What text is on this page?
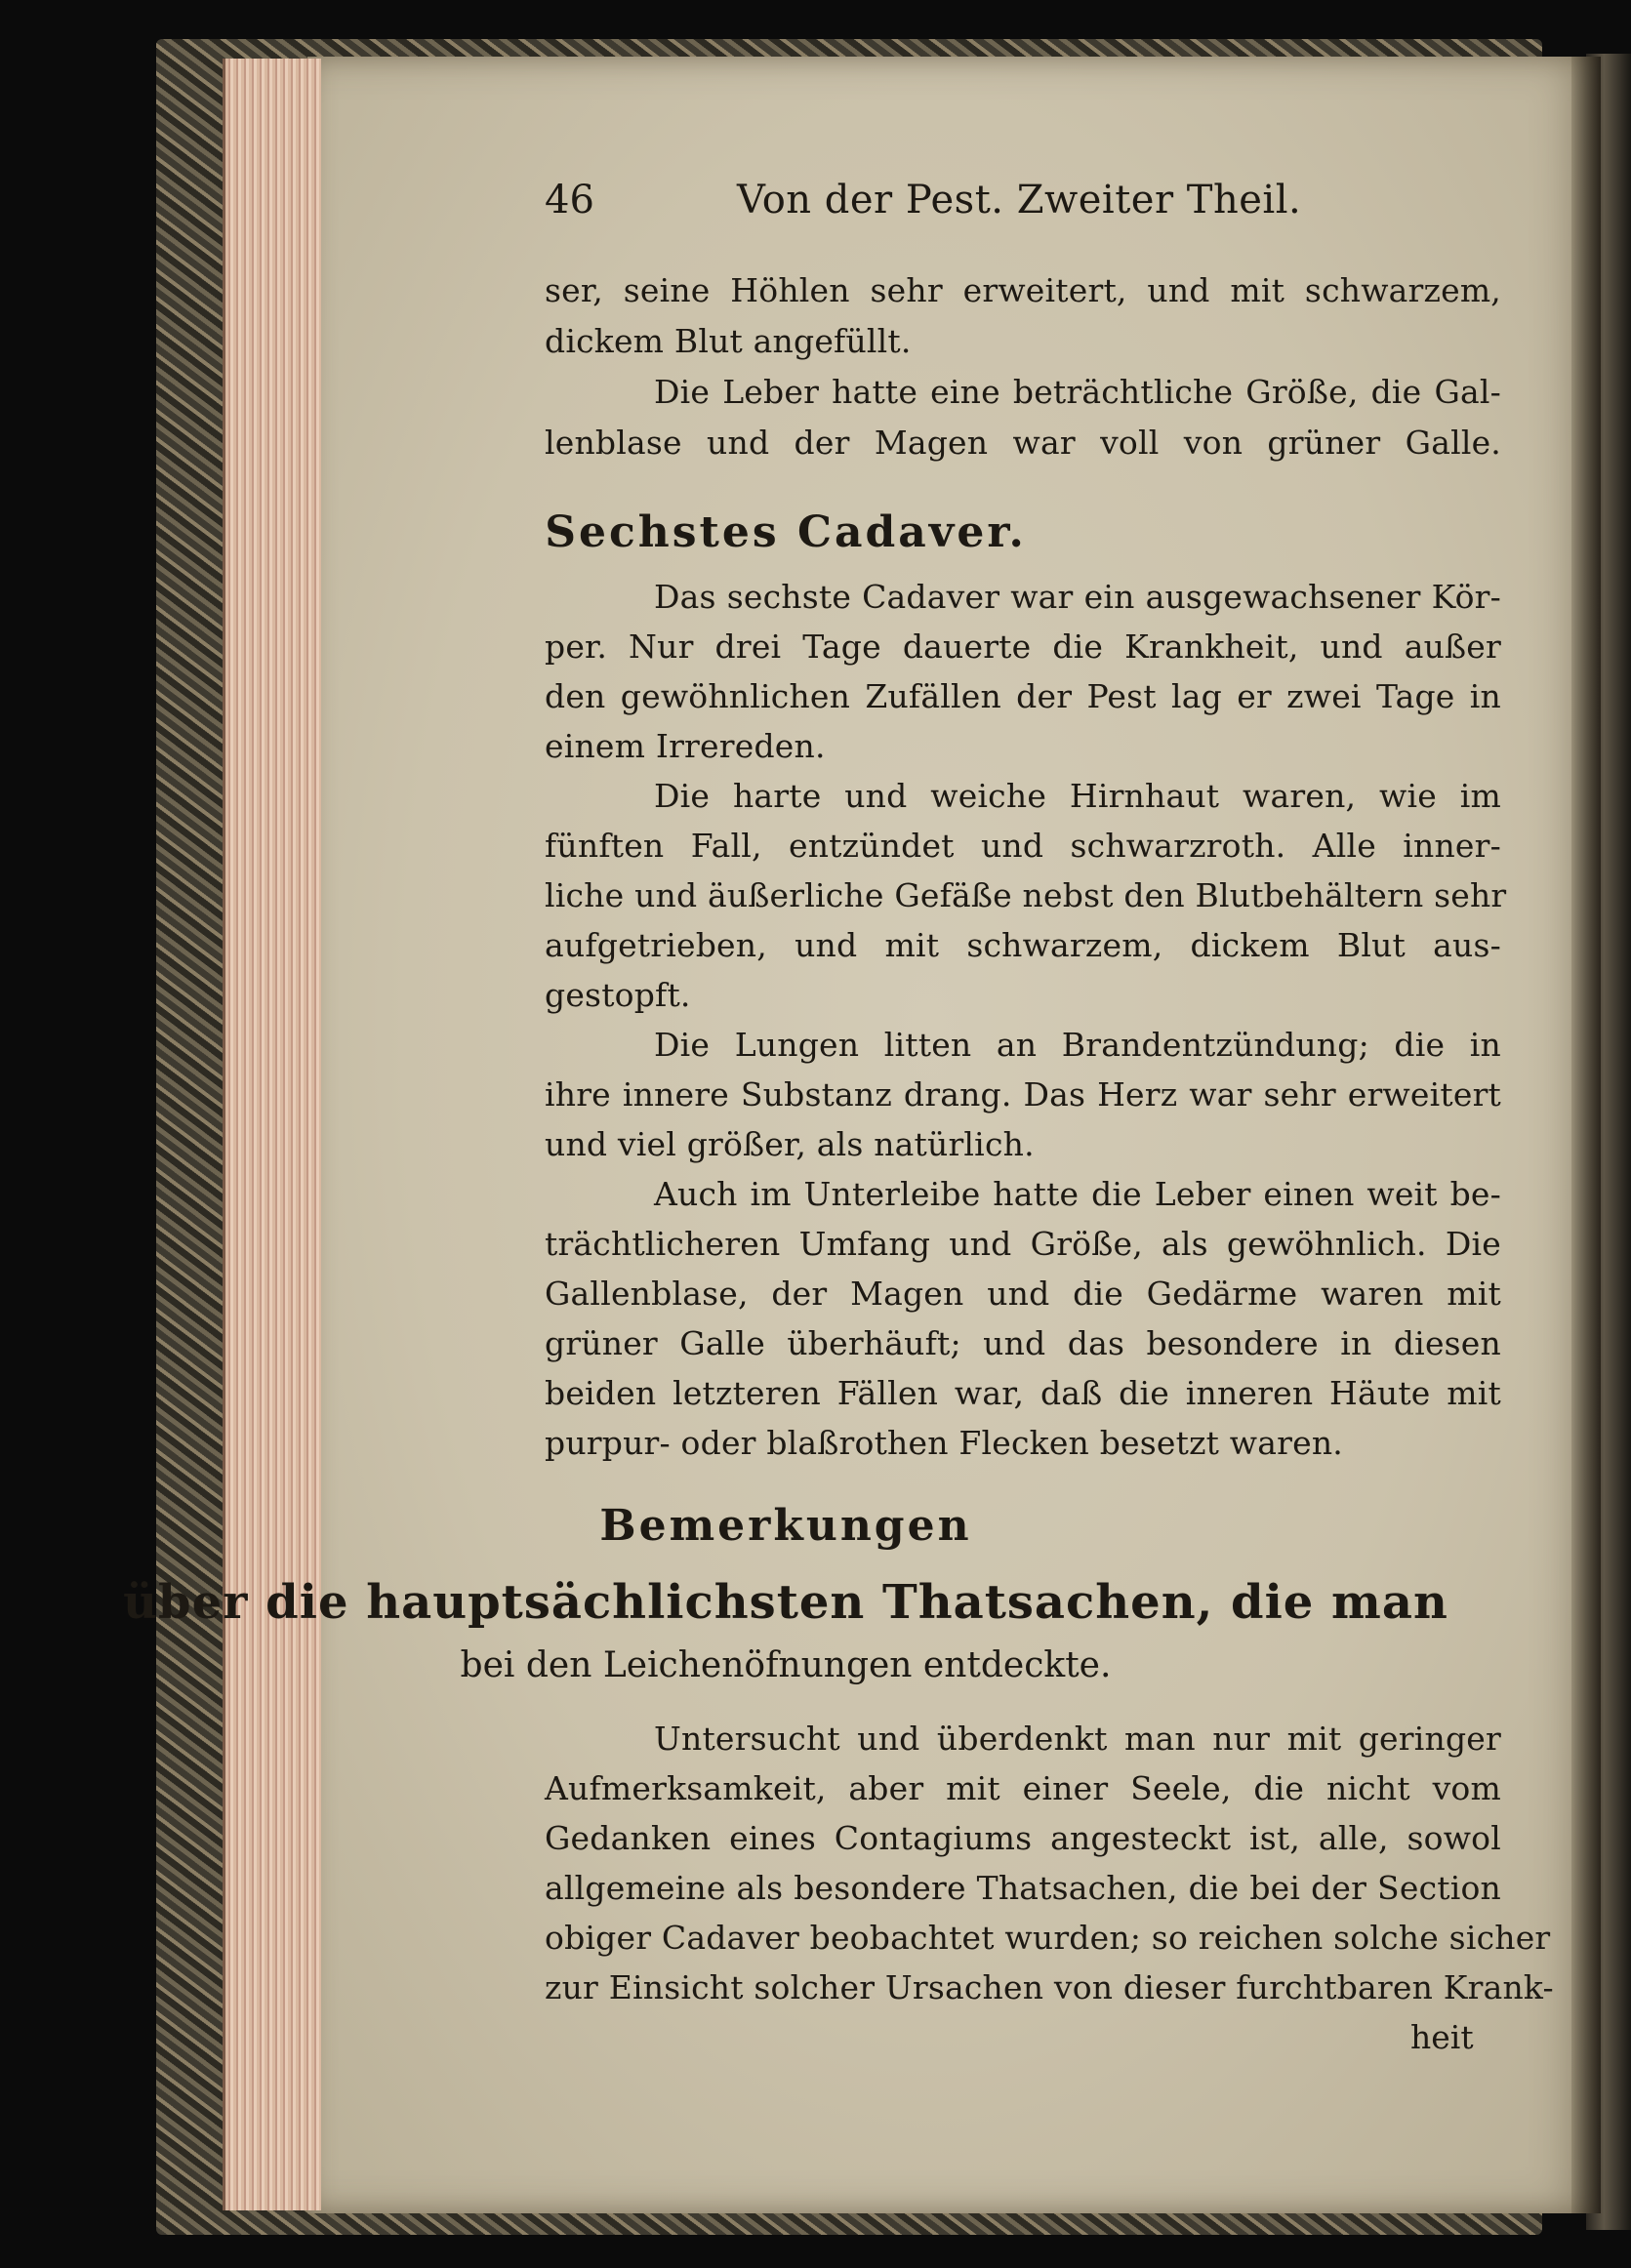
46	Von der Pest. Zweiter Theil.
ser, seine Höhlen sehr erweitert, und mit schwarzem,
dickem Blut angefüllt.
Die Leber hatte eine beträchtliche Größe, die Gal-
lenblase und der Magen war voll von grüner Galle.
Sechstes Cadaver.
Das sechste Cadaver war ein ausgewachsener Kör-
per. Nur drei Tage dauerte die Krankheit, und außer
den gewöhnlichen Zufällen der Pest lag er zwei Tage in
einem Irrereden.
Die harte und weiche Hirnhaut waren, wie im
fünften Fall, entzündet und schwarzroth. Alle inner-
liche und äußerliche Gefäße nebst den Blutbehältern sehr
aufgetrieben, und mit schwarzem, dickem Blut aus-
gestopft.
Die Lungen litten an Brandentzündung; die in
ihre innere Substanz drang. Das Herz war sehr erweitert
und viel größer, als natürlich.
Auch im Unterleibe hatte die Leber einen weit be-
trächtlicheren Umfang und Größe, als gewöhnlich. Die
Gallenblase, der Magen und die Gedärme waren mit
grüner Galle überhäuft; und das besondere in diesen
beiden letzteren Fällen war, daß die inneren Häute mit
purpur- oder blaßrothen Flecken besetzt waren.
Bemerkungen
über die hauptsächlichsten Thatsachen, die man
bei den Leichenöfnungen entdeckte.
Untersucht und überdenkt man nur mit geringer
Aufmerksamkeit, aber mit einer Seele, die nicht vom
Gedanken eines Contagiums angesteckt ist, alle, sowol
allgemeine als besondere Thatsachen, die bei der Section
obiger Cadaver beobachtet wurden; so reichen solche sicher
zur Einsicht solcher Ursachen von dieser furchtbaren Krank-
heit
